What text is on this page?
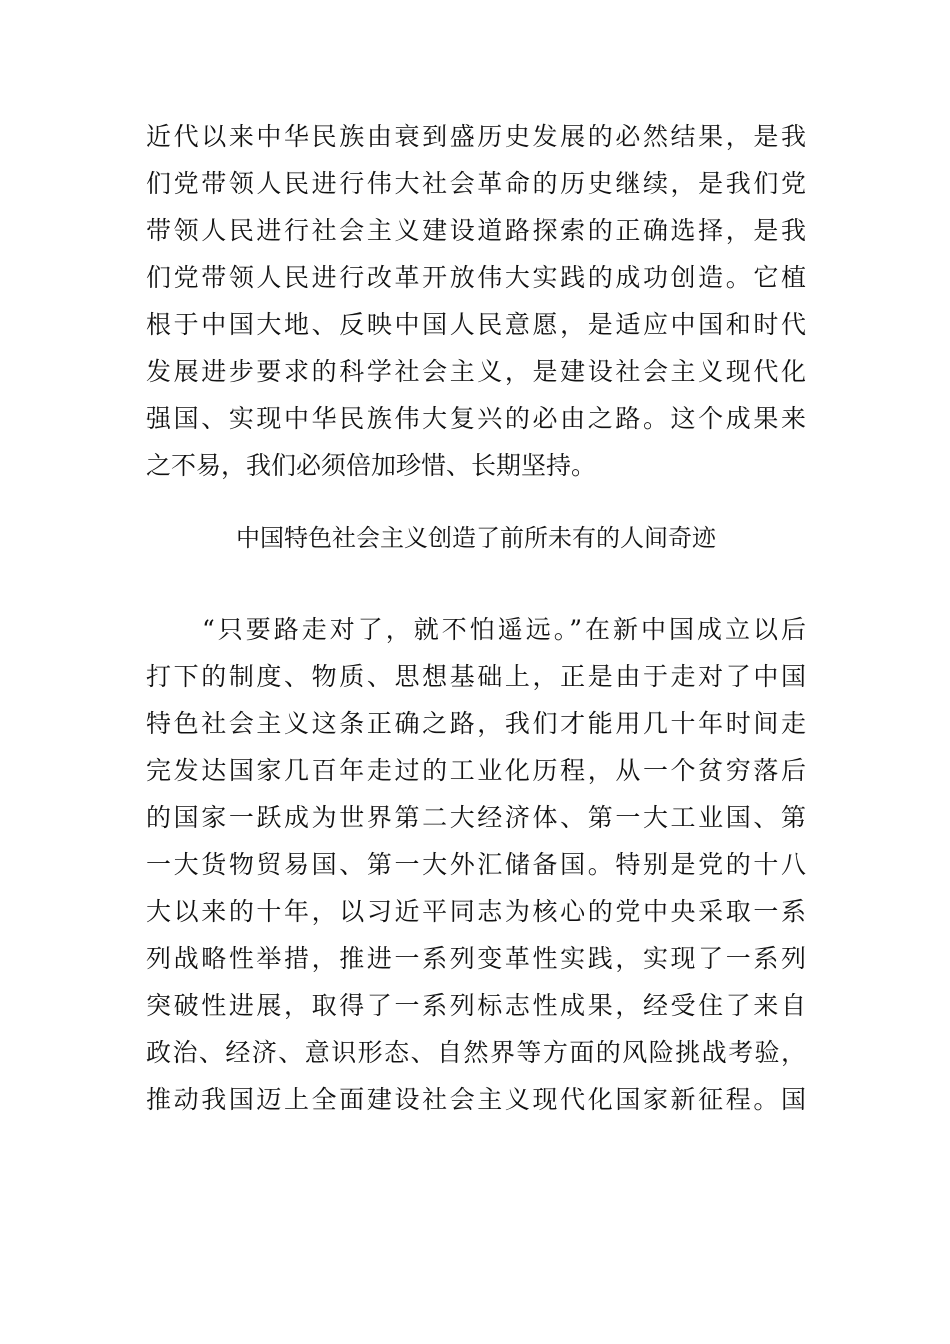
近代以来中华民族由衰到盛历史发展的必然结果，是我
们党带领人民进行伟大社会革命的历史继续，是我们党
带领人民进行社会主义建设道路探索的正确选择，是我
们党带领人民进行改革开放伟大实践的成功创造。它植
根于中国大地、反映中国人民意愿，是适应中国和时代
发展进步要求的科学社会主义，是建设社会主义现代化
强国、实现中华民族伟大复兴的必由之路。这个成果来
之不易，我们必须倍加珍惜、长期坚持。
中国特色社会主义创造了前所未有的人间奇迹
　　“只要路走对了，就不怕遥远。”在新中国成立以后
打下的制度、物质、思想基础上，正是由于走对了中国
特色社会主义这条正确之路，我们才能用几十年时间走
完发达国家几百年走过的工业化历程，从一个贫穷落后
的国家一跃成为世界第二大经济体、第一大工业国、第
一大货物贸易国、第一大外汇储备国。特别是党的十八
大以来的十年，以习近平同志为核心的党中央采取一系
列战略性举措，推进一系列变革性实践，实现了一系列
突破性进展，取得了一系列标志性成果，经受住了来自
政治、经济、意识形态、自然界等方面的风险挑战考验，
推动我国迈上全面建设社会主义现代化国家新征程。国
